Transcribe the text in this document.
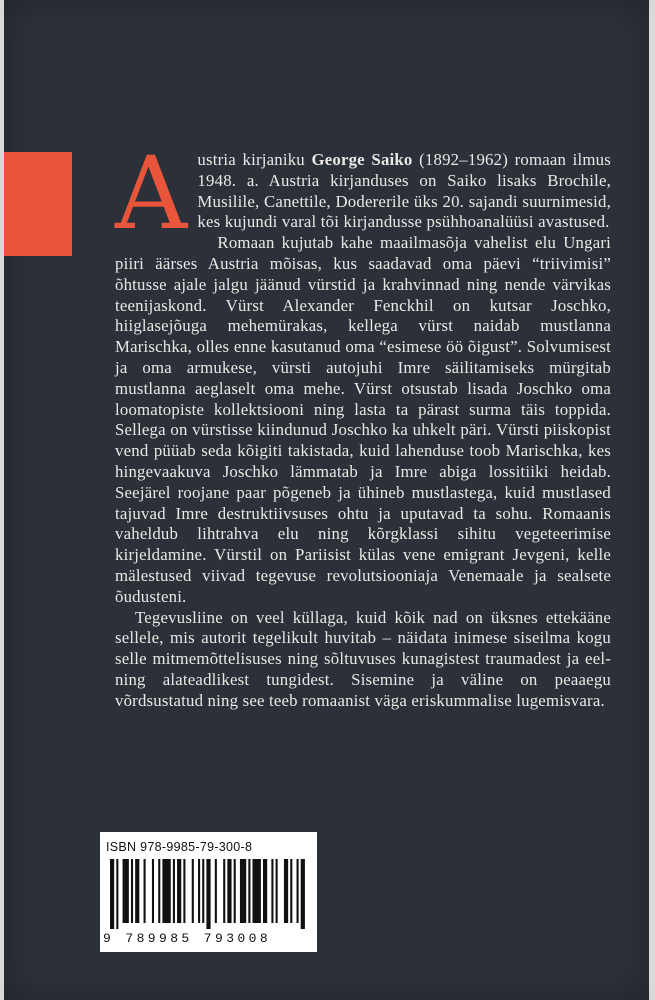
Austria kirjaniku George Saiko (1892–1962) romaan ilmus 1948. a. Austria kirjanduses on Saiko lisaks Brochile, Musilile, Canettile, Dodererile üks 20. sajandi suurnimesid, kes kujundi varal tõi kirjandusse psühhoanalüüsi avastused.

Romaan kujutab kahe maailmasõja vahelist elu Ungari piiri äärses Austria mõisas, kus saadavad oma päevi “triivimisi” õhtusse ajale jalgu jäänud vürstid ja krahvinnad ning nende värvikas teenijaskond. Vürst Alexander Fenckhil on kutsar Joschko, hiiglasejõuga mehemürakas, kellega vürst naidab mustlanna Marischka, olles enne kasutanud oma “esimese öö õigust”. Solvumisest ja oma armukese, vürsti autojuhi Imre säilitamiseks mürgitab mustlanna aeglaselt oma mehe. Vürst otsustab lisada Joschko oma loomatopiste kollektsiooni ning lasta ta pärast surma täis toppida. Sellega on vürstisse kiindunud Joschko ka uhkelt päri. Vürsti piiskopist vend püüab seda kõigiti takistada, kuid lahenduse toob Marischka, kes hingevaakuva Joschko lämmatab ja Imre abiga lossitiiki heidab. Seejärel roojane paar põgeneb ja ühineb mustlastega, kuid mustlased tajuvad Imre destruktiivsuses ohtu ja uputavad ta sohu. Romaanis vaheldub lihtrahva elu ning kõrgklassi sihitu vegeteerimise kirjeldamine. Vürstil on Pariisist külas vene emigrant Jevgeni, kelle mälestused viivad tegevuse revolutsiooniaja Venemaale ja sealsete õudusteni.

Tegevusliine on veel küllaga, kuid kõik nad on üksnes ettekääne sellele, mis autorit tegelikult huvitab – näidata inimese siseilma kogu selle mitmemõttelisuses ning sõltuvuses kunagistest traumadest ja eel- ning alateadlikest tungidest. Sisemine ja väline on peaaegu võrdsustatud ning see teeb romaanist väga eriskummalise lugemisvara.

ISBN 978-9985-79-300-8
9 789985 793008
